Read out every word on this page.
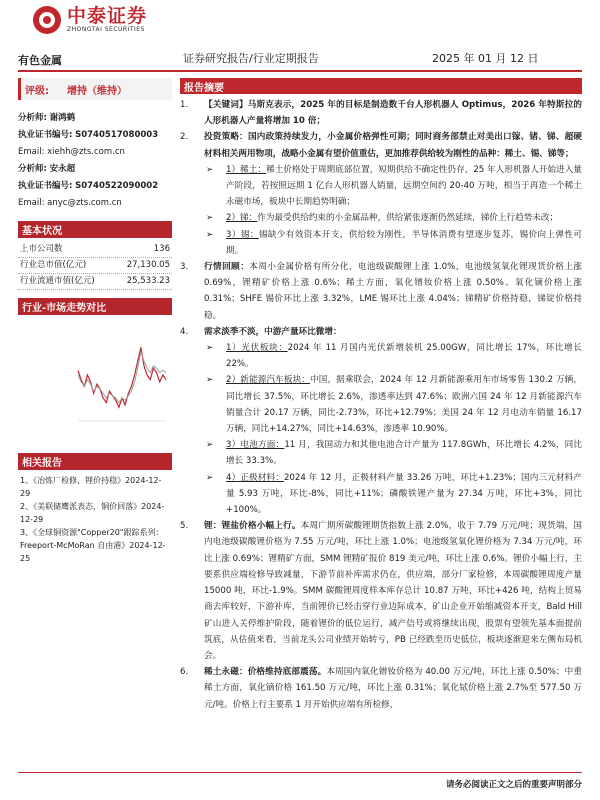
中泰证券
ZHONGTAI SECURITIES
有色金属	证券研究报告/行业定期报告	2025 年 01 月 12 日
评级: 增持（维持）
分析师: 谢鸿鹤
执业证书编号: S0740517080003
Email: xiehh@zts.com.cn
分析师: 安永超
执业证书编号: S0740522090002
Email: anyc@zts.com.cn
基本状况
上市公司数	136
行业总市值(亿元)	27,130.05
行业流通市值(亿元)	25,533.23
行业-市场走势对比
相关报告
1、《冶炼厂检修，锂价持稳》2024-12-29
2、《美联储鹰派表态，铜价回落》2024-12-29
3、《全球铜资源"Copper20"跟踪系列：Freeport-McMoRan 自由港》2024-12-25
报告摘要
1. 【关键词】马斯克表示，2025 年的目标是制造数千台人形机器人 Optimus，2026 年特斯拉的人形机器人产量将增加 10 倍；
2. 投资策略：国内政策持续发力，小金属价格弹性可期；同时商务部禁止对美出口镓、锗、锑、超硬材料相关两用物项，战略小金属有望价值重估，更加推荐供给较为刚性的品种：稀土、锡、锑等；
➢ 1）稀土：稀土价格处于周期底部位置，短期供给不确定性仍存，25 年人形机器人开始进入量产阶段，若按照远期 1 亿台人形机器人销量，远期空间约 20-40 万吨，相当于再造一个稀土永磁市场，板块中长期趋势明确；
➢ 2）锑：作为最受供给约束的小金属品种，供给紧张逐渐仍然延续，锑价上行趋势未改；
➢ 3）锡：锡缺少有效资本开支，供给较为刚性，半导体消费有望逐步复苏，锡价向上弹性可期。
3. 行情回顾：本周小金属价格有所分化，电池级碳酸锂上涨 1.0%，电池级氢氧化锂现货价格上涨 0.69%，锂精矿价格上涨 0.6%；稀土方面，氧化镨钕价格上涨 0.50%、氧化镝价格上涨 0.31%；SHFE 锡价环比上涨 3.32%，LME 锡环比上涨 4.04%；锑精矿价格持稳，锑锭价格持稳。
4. 需求淡季不淡，中游产量环比微增：
➢ 1）光伏板块：2024 年 11 月国内光伏新增装机 25.00GW，同比增长 17%，环比增长 22%。
➢ 2）新能源汽车板块：中国，据乘联会，2024 年 12 月新能源乘用车市场零售 130.2 万辆，同比增长 37.5%，环比增长 2.6%，渗透率达到 47.6%；欧洲六国 24 年 12 月新能源汽车销量合计 20.17 万辆，同比-2.73%，环比+12.79%；美国 24 年 12 月电动车销量 16.17 万辆，同比+14.27%，同比+14.63%，渗透率 10.90%。
➢ 3）电池方面：11 月，我国动力和其他电池合计产量为 117.8GWh，环比增长 4.2%，同比增长 33.3%。
➢ 4）正极材料：2024 年 12 月，正极材料产量 33.26 万吨，环比+1.23%；国内三元材料产量 5.93 万吨，环比-8%，同比+11%；磷酸铁锂产量为 27.34 万吨，环比+3%，同比+100%。
5. 锂：锂盐价格小幅上行。本周广期所碳酸锂期货指数上涨 2.0%，收于 7.79 万元/吨；现货端，国内电池级碳酸锂价格为 7.55 万元/吨，环比上涨 1.0%；电池级氢氧化锂价格为 7.34 万元/吨，环比上涨 0.69%；锂精矿方面，SMM 锂精矿报价 819 美元/吨，环比上涨 0.6%。锂价小幅上行，主要系供应端检修导致减量，下游节前补库需求仍在，供应端，部分厂家检修，本周碳酸锂周度产量 15000 吨，环比-1.9%。SMM 碳酸锂周度样本库存总计 10.87 万吨，环比+426 吨，结构上贸易商去库较好，下游补库，当前锂价已经击穿行业边际成本，矿山企业开始缩减资本开支，Bald Hill 矿山进入关停维护阶段，随着锂价的低位运行，减产信号或将继续出现，股票有望领先基本面提前筑底，从估值来看，当前龙头公司业绩开始转亏，PB 已经跌至历史低位，板块逐渐迎来左侧布局机会。
6. 稀土永磁：价格维持底部震荡。本周国内氧化镨钕价格为 40.00 万元/吨，环比上涨 0.50%；中重稀土方面，氧化镝价格 161.50 万元/吨，环比上涨 0.31%；氧化铽价格上涨 2.7%至 577.50 万元/吨。价格上行主要系 1 月开始供应端有所检修，
请务必阅读正文之后的重要声明部分
